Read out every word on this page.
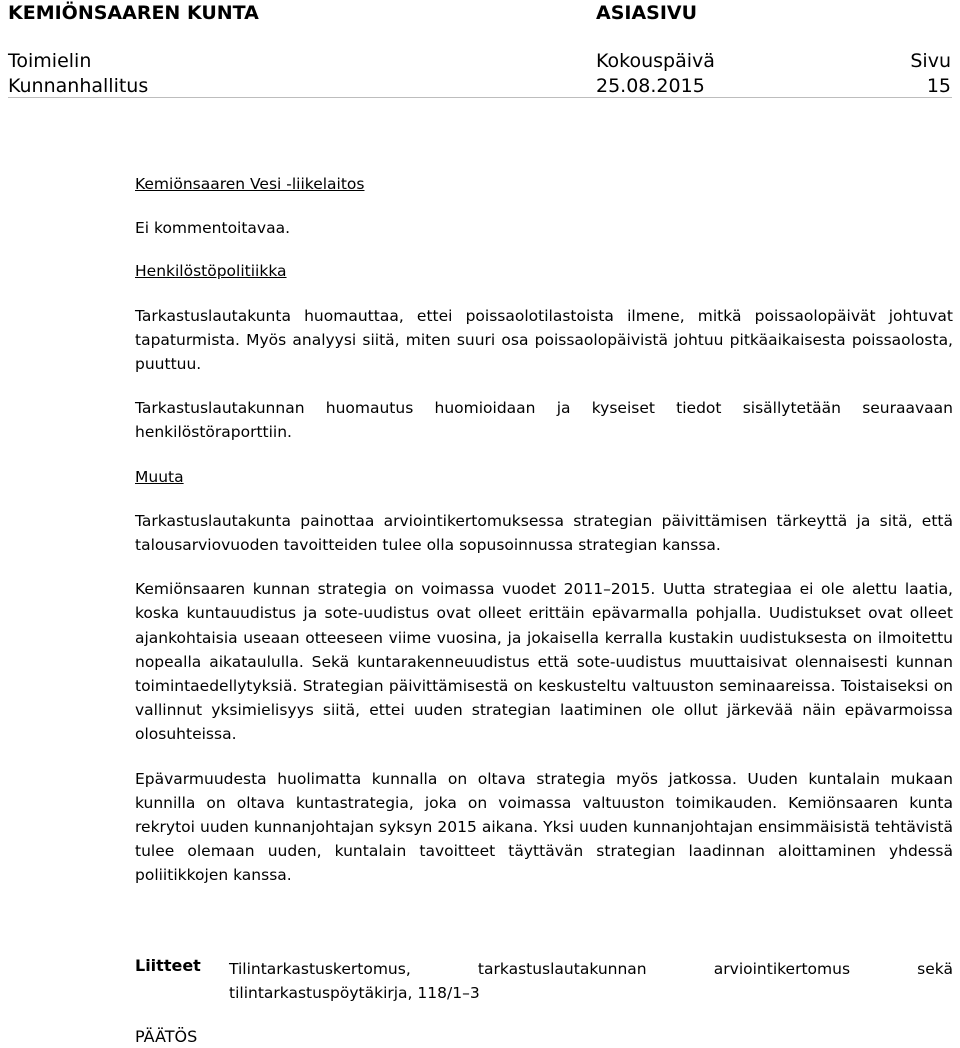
KEMIÖNSAAREN KUNTA	ASIASIVU
Toimielin
Kunnanhallitus
Kokouspäivä
25.08.2015
Sivu
15

Kemiönsaaren Vesi -liikelaitos

Ei kommentoitavaa.

Henkilöstöpolitiikka

Tarkastuslautakunta huomauttaa, ettei poissaolotilastoista ilmene, mitkä poissaolopäivät johtuvat tapaturmista. Myös analyysi siitä, miten suuri osa poissaolopäivistä johtuu pitkäaikaisesta poissaolosta, puuttuu.

Tarkastuslautakunnan huomautus huomioidaan ja kyseiset tiedot sisällytetään seuraavaan henkilöstöraporttiin.

Muuta

Tarkastuslautakunta painottaa arviointikertomuksessa strategian päivittämisen tärkeyttä ja sitä, että talousarviovuoden tavoitteiden tulee olla sopusoinnussa strategian kanssa.

Kemiönsaaren kunnan strategia on voimassa vuodet 2011–2015. Uutta strategiaa ei ole alettu laatia, koska kuntauudistus ja sote-uudistus ovat olleet erittäin epävarmalla pohjalla. Uudistukset ovat olleet ajankohtaisia useaan otteeseen viime vuosina, ja jokaisella kerralla kustakin uudistuksesta on ilmoitettu nopealla aikataululla. Sekä kuntarakenneuudistus että sote-uudistus muuttaisivat olennaisesti kunnan toimintaedellytyksiä. Strategian päivittämisestä on keskusteltu valtuuston seminaareissa. Toistaiseksi on vallinnut yksimielisyys siitä, ettei uuden strategian laatiminen ole ollut järkevää näin epävarmoissa olosuhteissa.

Epävarmuudesta huolimatta kunnalla on oltava strategia myös jatkossa. Uuden kuntalain mukaan kunnilla on oltava kuntastrategia, joka on voimassa valtuuston toimikauden. Kemiönsaaren kunta rekrytoi uuden kunnanjohtajan syksyn 2015 aikana. Yksi uuden kunnanjohtajan ensimmäisistä tehtävistä tulee olemaan uuden, kuntalain tavoitteet täyttävän strategian laadinnan aloittaminen yhdessä poliitikkojen kanssa.

Liitteet Tilintarkastuskertomus, tarkastuslautakunnan arviointikertomus sekä tilintarkastuspöytäkirja, 118/1–3
PÄÄTÖS
